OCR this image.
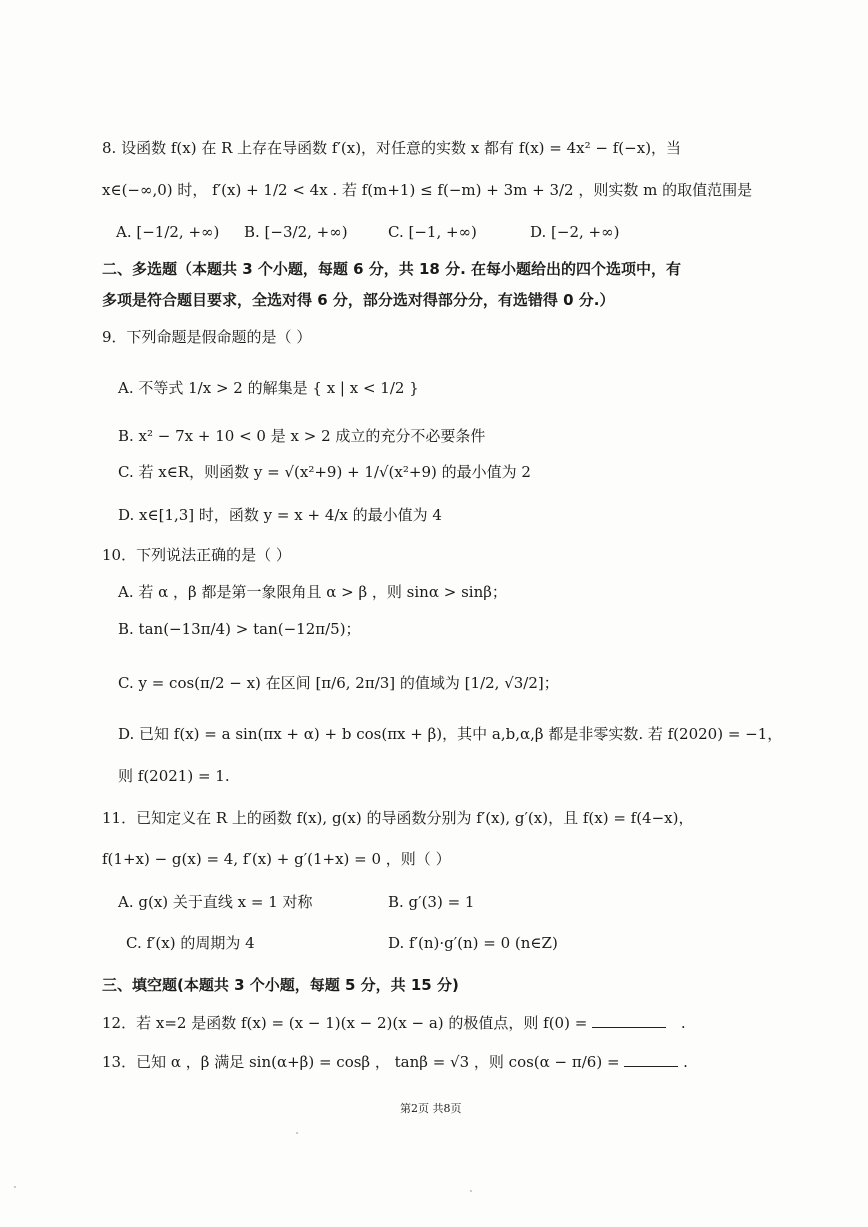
8. 设函数 f(x) 在 R 上存在导函数 f′(x)，对任意的实数 x 都有 f(x) = 4x² − f(−x)，当
x∈(−∞,0) 时， f′(x) + 1/2 < 4x . 若 f(m+1) ≤ f(−m) + 3m + 3/2 ，则实数 m 的取值范围是
A. [−1/2, +∞) B. [−3/2, +∞)	C. [−1, +∞)	D. [−2, +∞)
二、多选题（本题共 3 个小题，每题 6 分，共 18 分. 在每小题给出的四个选项中，有
多项是符合题目要求，全选对得 6 分，部分选对得部分分，有选错得 0 分.）
9．下列命题是假命题的是（ ）
A. 不等式 1/x > 2 的解集是 { x | x < 1/2 }
B. x² − 7x + 10 < 0 是 x > 2 成立的充分不必要条件
C. 若 x∈R，则函数 y = √(x²+9) + 1/√(x²+9) 的最小值为 2
D. x∈[1,3] 时，函数 y = x + 4/x 的最小值为 4
10．下列说法正确的是（ ）
A. 若 α ，β 都是第一象限角且 α > β ，则 sinα > sinβ；
B. tan(−13π/4) > tan(−12π/5)；
C. y = cos(π/2 − x) 在区间 [π/6, 2π/3] 的值域为 [1/2, √3/2]；
D. 已知 f(x) = a sin(πx + α) + b cos(πx + β)，其中 a,b,α,β 都是非零实数. 若 f(2020) = −1，
则 f(2021) = 1.
11．已知定义在 R 上的函数 f(x), g(x) 的导函数分别为 f′(x), g′(x)，且 f(x) = f(4−x)，
f(1+x) − g(x) = 4, f′(x) + g′(1+x) = 0 ，则（ ）
A. g(x) 关于直线 x = 1 对称	B. g′(3) = 1
C. f′(x) 的周期为 4	D. f′(n)·g′(n) = 0 (n∈Z)
三、填空题(本题共 3 个小题，每题 5 分，共 15 分)
12．若 x=2 是函数 f(x) = (x − 1)(x − 2)(x − a) 的极值点，则 f(0) =	.
13．已知 α ，β 满足 sin(α+β) = cosβ ， tanβ = √3 ，则 cos(α − π/6) =	.
第2页 共8页
